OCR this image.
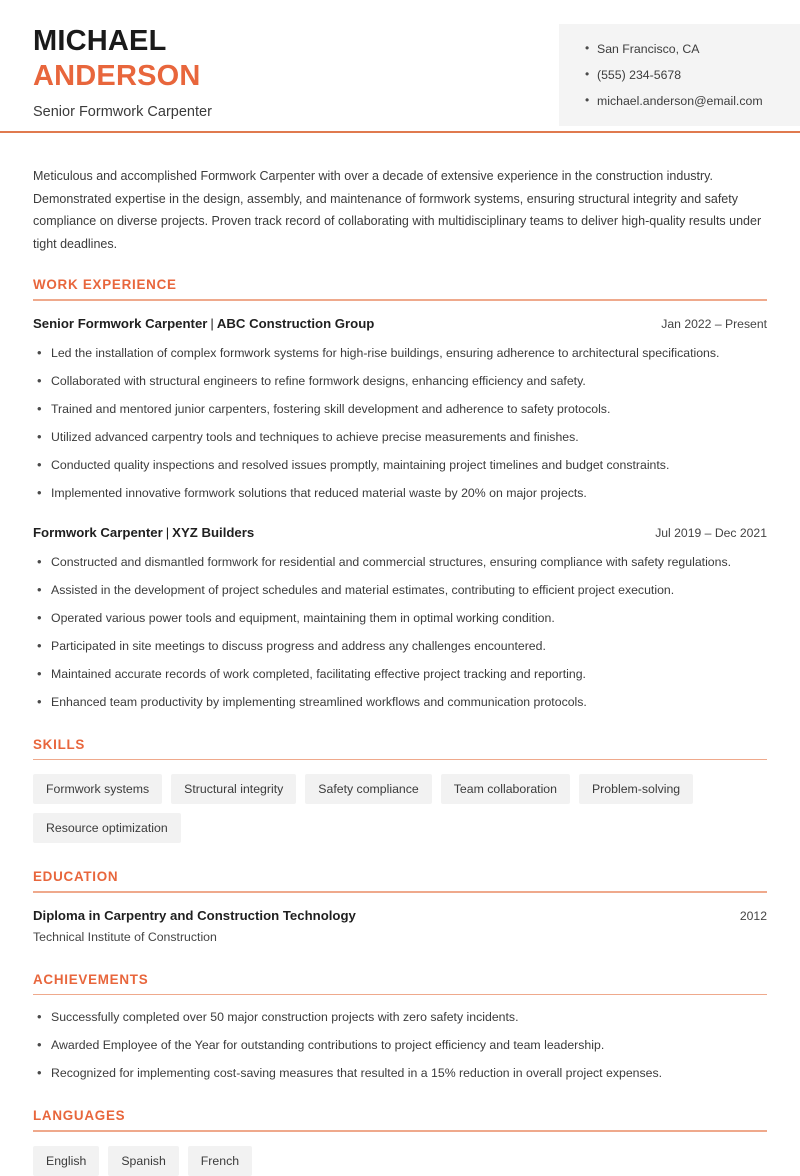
MICHAEL
ANDERSON
Senior Formwork Carpenter
• San Francisco, CA
• (555) 234-5678
• michael.anderson@email.com

Meticulous and accomplished Formwork Carpenter with over a decade of extensive experience in the construction industry. Demonstrated expertise in the design, assembly, and maintenance of formwork systems, ensuring structural integrity and safety compliance on diverse projects. Proven track record of collaborating with multidisciplinary teams to deliver high-quality results under tight deadlines.

WORK EXPERIENCE
Senior Formwork Carpenter | ABC Construction Group	Jan 2022 – Present
• Led the installation of complex formwork systems for high-rise buildings, ensuring adherence to architectural specifications.
• Collaborated with structural engineers to refine formwork designs, enhancing efficiency and safety.
• Trained and mentored junior carpenters, fostering skill development and adherence to safety protocols.
• Utilized advanced carpentry tools and techniques to achieve precise measurements and finishes.
• Conducted quality inspections and resolved issues promptly, maintaining project timelines and budget constraints.
• Implemented innovative formwork solutions that reduced material waste by 20% on major projects.
Formwork Carpenter | XYZ Builders	Jul 2019 – Dec 2021
• Constructed and dismantled formwork for residential and commercial structures, ensuring compliance with safety regulations.
• Assisted in the development of project schedules and material estimates, contributing to efficient project execution.
• Operated various power tools and equipment, maintaining them in optimal working condition.
• Participated in site meetings to discuss progress and address any challenges encountered.
• Maintained accurate records of work completed, facilitating effective project tracking and reporting.
• Enhanced team productivity by implementing streamlined workflows and communication protocols.
SKILLS
Formwork systems	Structural integrity	Safety compliance	Team collaboration	Problem-solving
Resource optimization
EDUCATION
Diploma in Carpentry and Construction Technology	2012
Technical Institute of Construction
ACHIEVEMENTS
• Successfully completed over 50 major construction projects with zero safety incidents.
• Awarded Employee of the Year for outstanding contributions to project efficiency and team leadership.
• Recognized for implementing cost-saving measures that resulted in a 15% reduction in overall project expenses.
LANGUAGES
English	Spanish	French
